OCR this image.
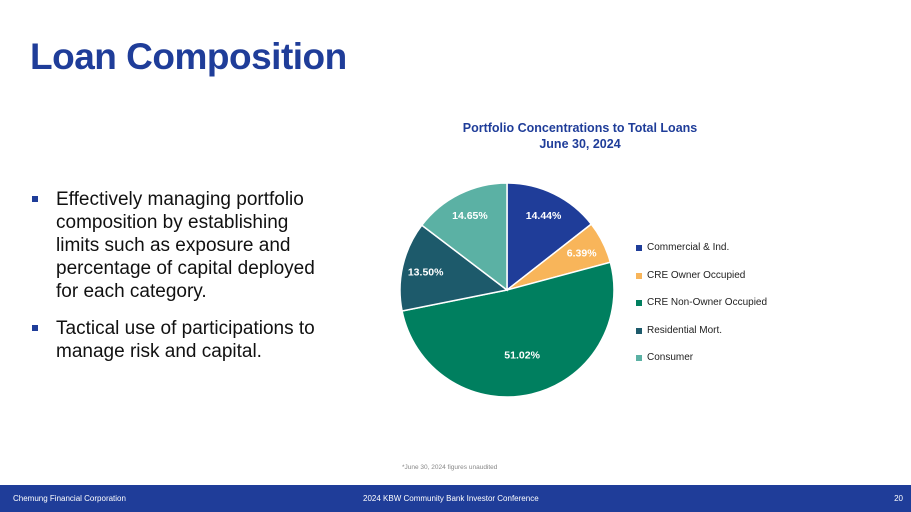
Loan Composition
Effectively managing portfolio composition by establishing limits such as exposure and percentage of capital deployed for each category.
Tactical use of participations to manage risk and capital.
Portfolio Concentrations to Total Loans
June 30, 2024
14.44%
6.39%
51.02%
13.50%
14.65%
Commercial & Ind.
CRE Owner Occupied
CRE Non-Owner Occupied
Residential Mort.
Consumer
*June 30, 2024 figures unaudited
Chemung Financial Corporation	2024 KBW Community Bank Investor Conference	20
